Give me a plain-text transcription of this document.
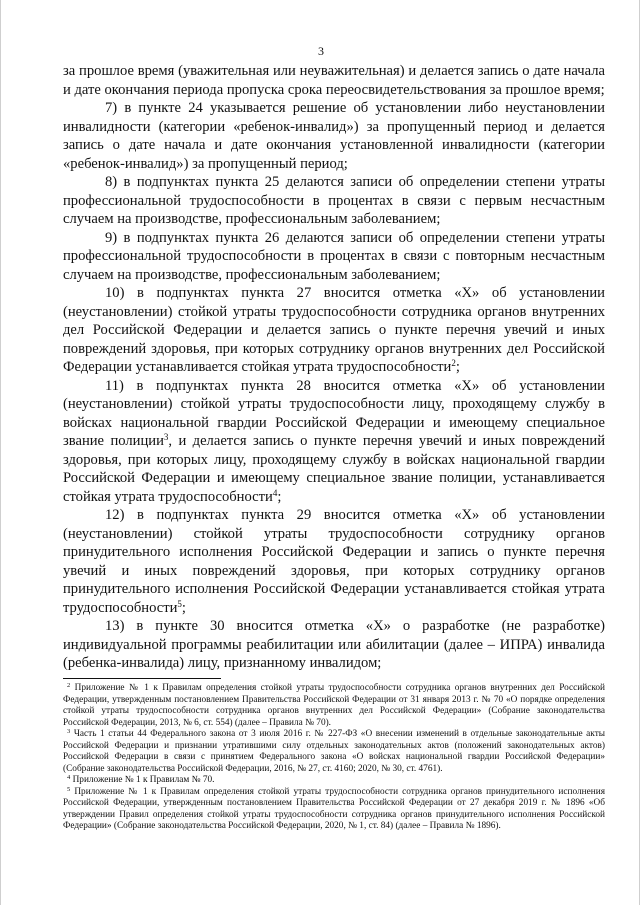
3

за прошлое время (уважительная или неуважительная) и делается запись о дате начала и дате окончания периода пропуска срока переосвидетельствования за прошлое время;

7) в пункте 24 указывается решение об установлении либо неустановлении инвалидности (категории «ребенок-инвалид») за пропущенный период и делается запись о дате начала и дате окончания установленной инвалидности (категории «ребенок-инвалид») за пропущенный период;

8) в подпунктах пункта 25 делаются записи об определении степени утраты профессиональной трудоспособности в процентах в связи с первым несчастным случаем на производстве, профессиональным заболеванием;

9) в подпунктах пункта 26 делаются записи об определении степени утраты профессиональной трудоспособности в процентах в связи с повторным несчастным случаем на производстве, профессиональным заболеванием;

10) в подпунктах пункта 27 вносится отметка «Х» об установлении (неустановлении) стойкой утраты трудоспособности сотрудника органов внутренних дел Российской Федерации и делается запись о пункте перечня увечий и иных повреждений здоровья, при которых сотруднику органов внутренних дел Российской Федерации устанавливается стойкая утрата трудоспособности$^2$;

11) в подпунктах пункта 28 вносится отметка «Х» об установлении (неустановлении) стойкой утраты трудоспособности лицу, проходящему службу в войсках национальной гвардии Российской Федерации и имеющему специальное звание полиции$^3$, и делается запись о пункте перечня увечий и иных повреждений здоровья, при которых лицу, проходящему службу в войсках национальной гвардии Российской Федерации и имеющему специальное звание полиции, устанавливается стойкая утрата трудоспособности$^4$;

12) в подпунктах пункта 29 вносится отметка «Х» об установлении (неустановлении) стойкой утраты трудоспособности сотруднику органов принудительного исполнения Российской Федерации и запись о пункте перечня увечий и иных повреждений здоровья, при которых сотруднику органов принудительного исполнения Российской Федерации устанавливается стойкая утрата трудоспособности$^5$;

13) в пункте 30 вносится отметка «Х» о разработке (не разработке) индивидуальной программы реабилитации или абилитации (далее – ИПРА) инвалида (ребенка-инвалида) лицу, признанному инвалидом;

$^2$ Приложение № 1 к Правилам определения стойкой утраты трудоспособности сотрудника органов внутренних дел Российской Федерации, утвержденным постановлением Правительства Российской Федерации от 31 января 2013 г. № 70 «О порядке определения стойкой утраты трудоспособности сотрудника органов внутренних дел Российской Федерации» (Собрание законодательства Российской Федерации, 2013, № 6, ст. 554) (далее – Правила № 70).

$^3$ Часть 1 статьи 44 Федерального закона от 3 июля 2016 г. № 227-ФЗ «О внесении изменений в отдельные законодательные акты Российской Федерации и признании утратившими силу отдельных законодательных актов (положений законодательных актов) Российской Федерации в связи с принятием Федерального закона «О войсках национальной гвардии Российской Федерации» (Собрание законодательства Российской Федерации, 2016, № 27, ст. 4160; 2020, № 30, ст. 4761).

$^4$ Приложение № 1 к Правилам № 70.

$^5$ Приложение № 1 к Правилам определения стойкой утраты трудоспособности сотрудника органов принудительного исполнения Российской Федерации, утвержденным постановлением Правительства Российской Федерации от 27 декабря 2019 г. № 1896 «Об утверждении Правил определения стойкой утраты трудоспособности сотрудника органов принудительного исполнения Российской Федерации» (Собрание законодательства Российской Федерации, 2020, № 1, ст. 84) (далее – Правила № 1896).
